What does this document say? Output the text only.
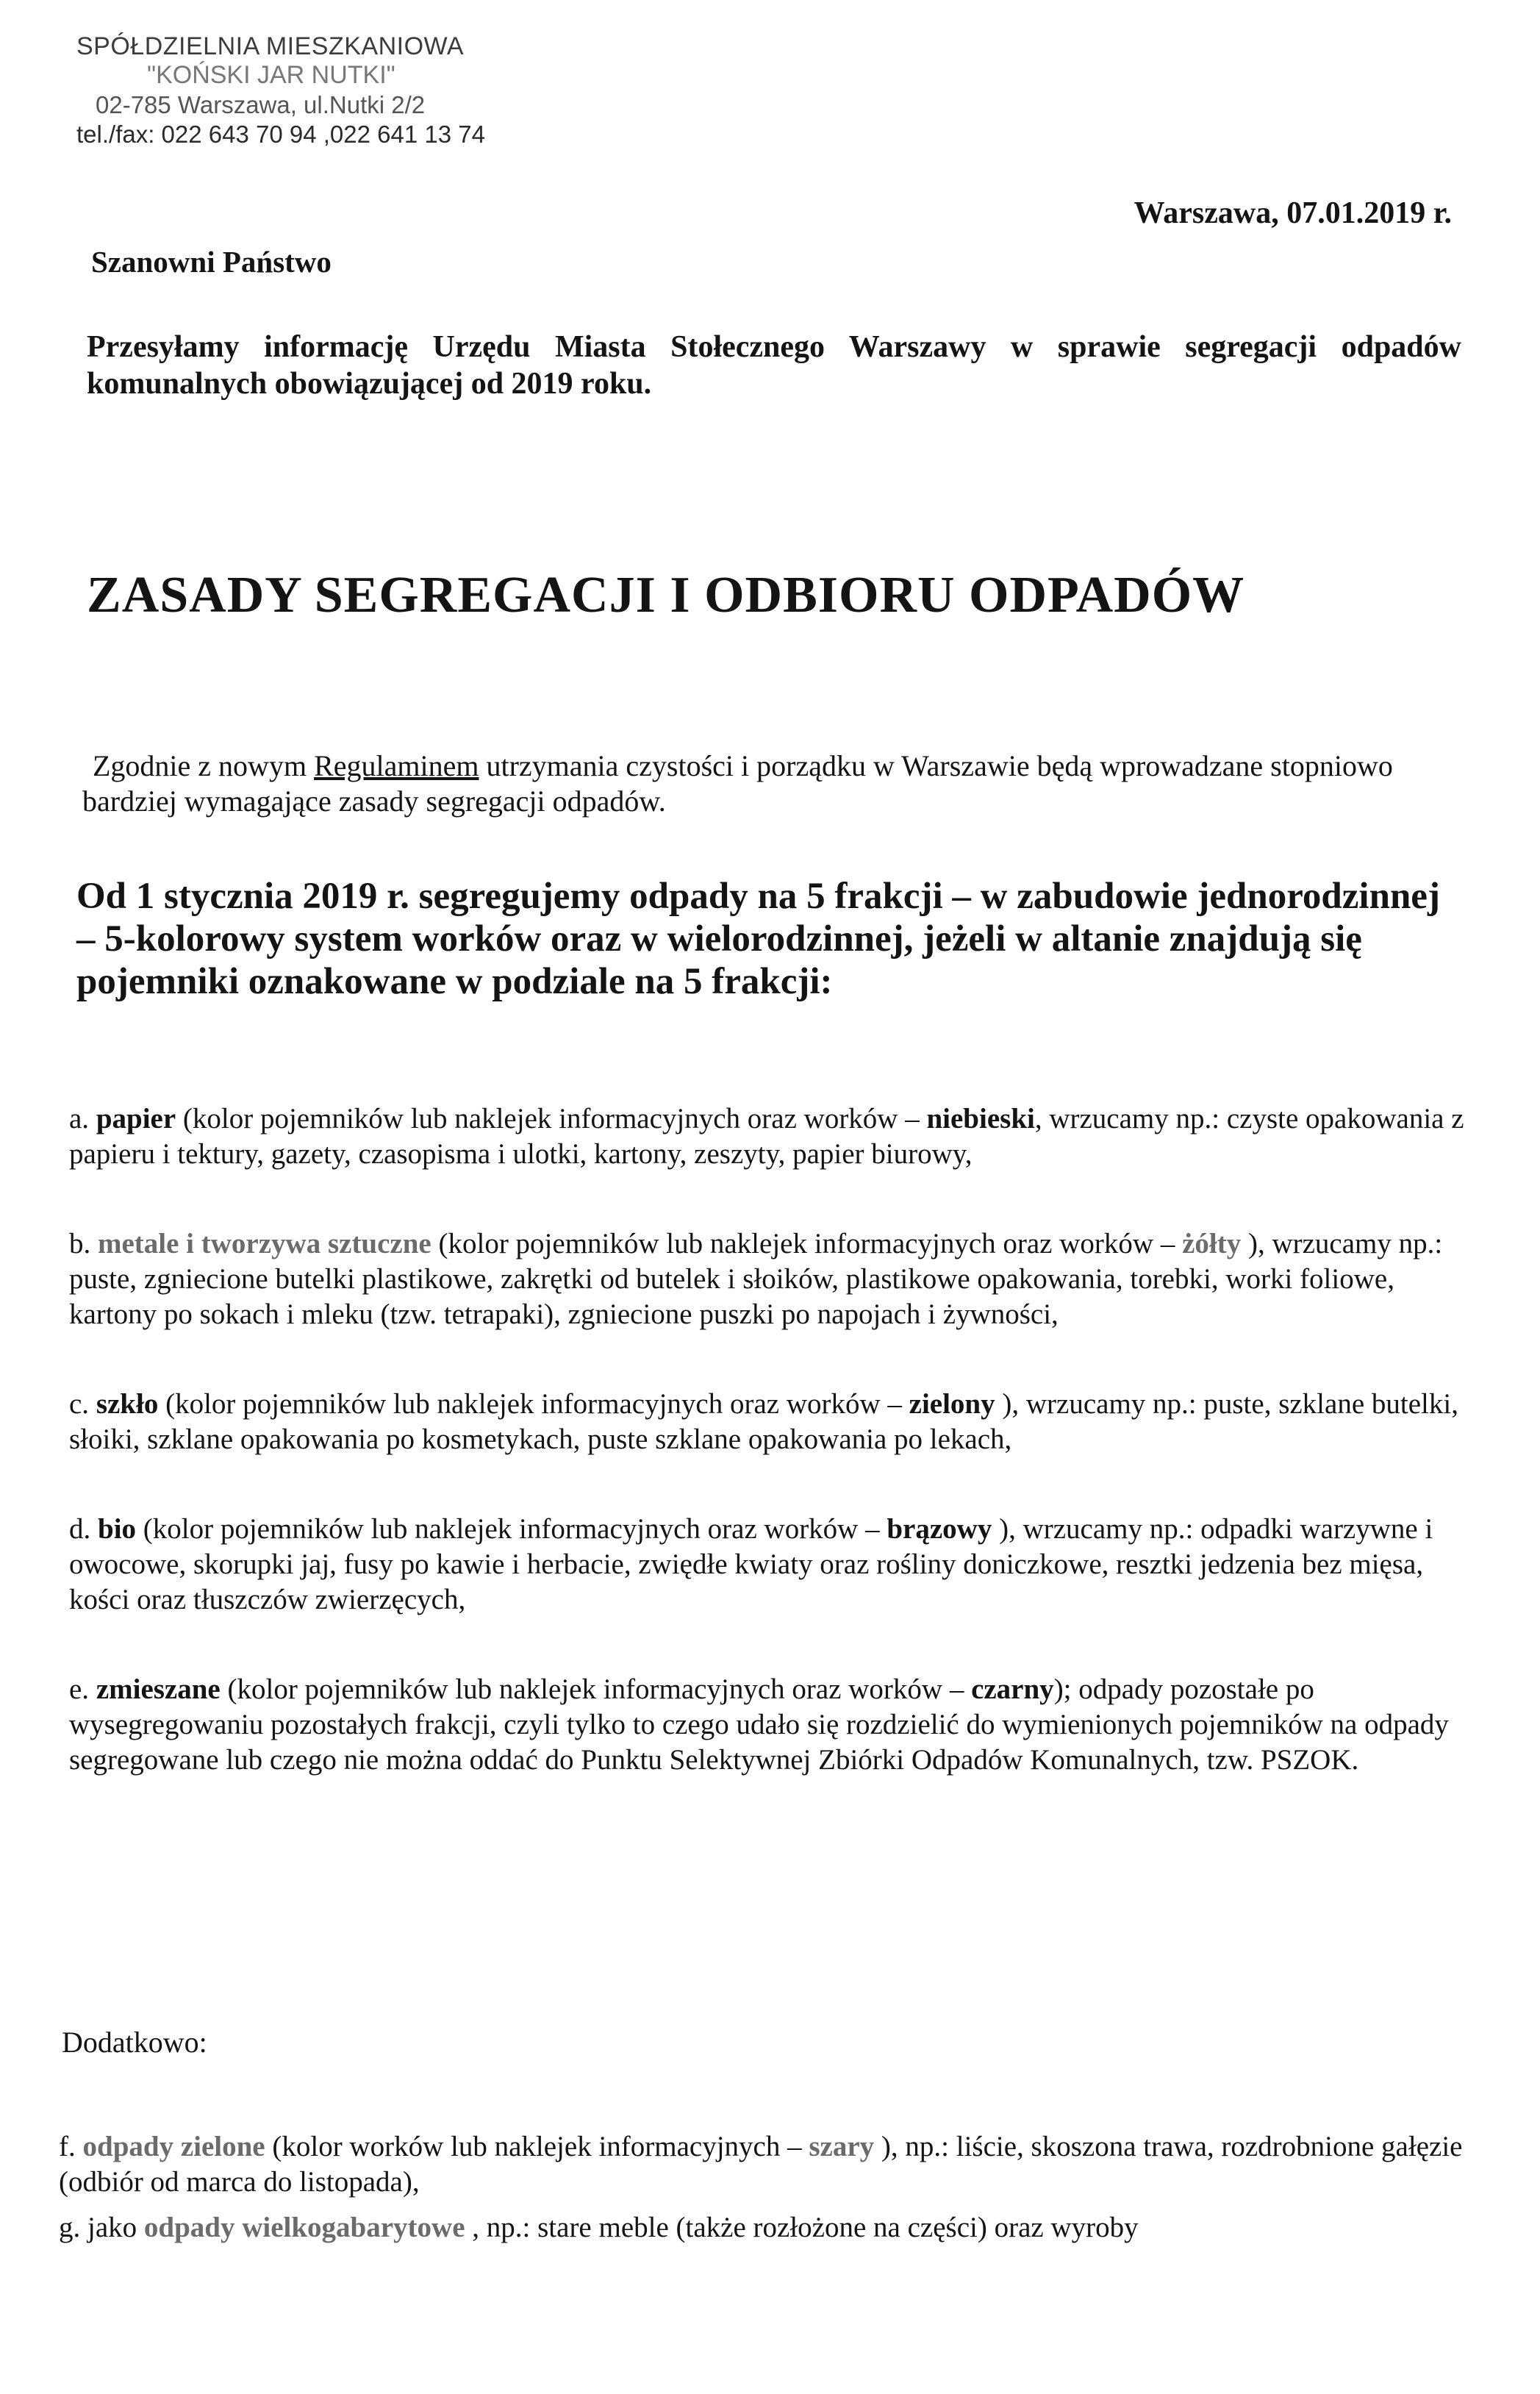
SPÓŁDZIELNIA MIESZKANIOWA
"KOŃSKI JAR NUTKI"
02-785 Warszawa, ul.Nutki 2/2
tel./fax: 022 643 70 94 ,022 641 13 74
Warszawa, 07.01.2019 r.
Szanowni Państwo
Przesyłamy informację Urzędu Miasta Stołecznego Warszawy w sprawie segregacji odpadów komunalnych obowiązującej od 2019 roku.
ZASADY SEGREGACJI I ODBIORU ODPADÓW
Zgodnie z nowym Regulaminem utrzymania czystości i porządku w Warszawie będą wprowadzane stopniowo bardziej wymagające zasady segregacji odpadów.
Od 1 stycznia 2019 r. segregujemy odpady na 5 frakcji – w zabudowie jednorodzinnej – 5-kolorowy system worków oraz w wielorodzinnej, jeżeli w altanie znajdują się pojemniki oznakowane w podziale na 5 frakcji:
a. papier (kolor pojemników lub naklejek informacyjnych oraz worków – niebieski, wrzucamy np.: czyste opakowania z papieru i tektury, gazety, czasopisma i ulotki, kartony, zeszyty, papier biurowy,
b. metale i tworzywa sztuczne (kolor pojemników lub naklejek informacyjnych oraz worków – żółty ), wrzucamy np.: puste, zgniecione butelki plastikowe, zakrętki od butelek i słoików, plastikowe opakowania, torebki, worki foliowe, kartony po sokach i mleku (tzw. tetrapaki), zgniecione puszki po napojach i żywności,
c. szkło (kolor pojemników lub naklejek informacyjnych oraz worków – zielony ), wrzucamy np.: puste, szklane butelki, słoiki, szklane opakowania po kosmetykach, puste szklane opakowania po lekach,
d. bio (kolor pojemników lub naklejek informacyjnych oraz worków – brązowy ), wrzucamy np.: odpadki warzywne i owocowe, skorupki jaj, fusy po kawie i herbacie, zwiędłe kwiaty oraz rośliny doniczkowe, resztki jedzenia bez mięsa, kości oraz tłuszczów zwierzęcych,
e. zmieszane (kolor pojemników lub naklejek informacyjnych oraz worków – czarny); odpady pozostałe po wysegregowaniu pozostałych frakcji, czyli tylko to czego udało się rozdzielić do wymienionych pojemników na odpady segregowane lub czego nie można oddać do Punktu Selektywnej Zbiórki Odpadów Komunalnych, tzw. PSZOK.
Dodatkowo:
f. odpady zielone (kolor worków lub naklejek informacyjnych – szary ), np.: liście, skoszona trawa, rozdrobnione gałęzie (odbiór od marca do listopada),
g. jako odpady wielkogabarytowe , np.: stare meble (także rozłożone na części) oraz wyroby
